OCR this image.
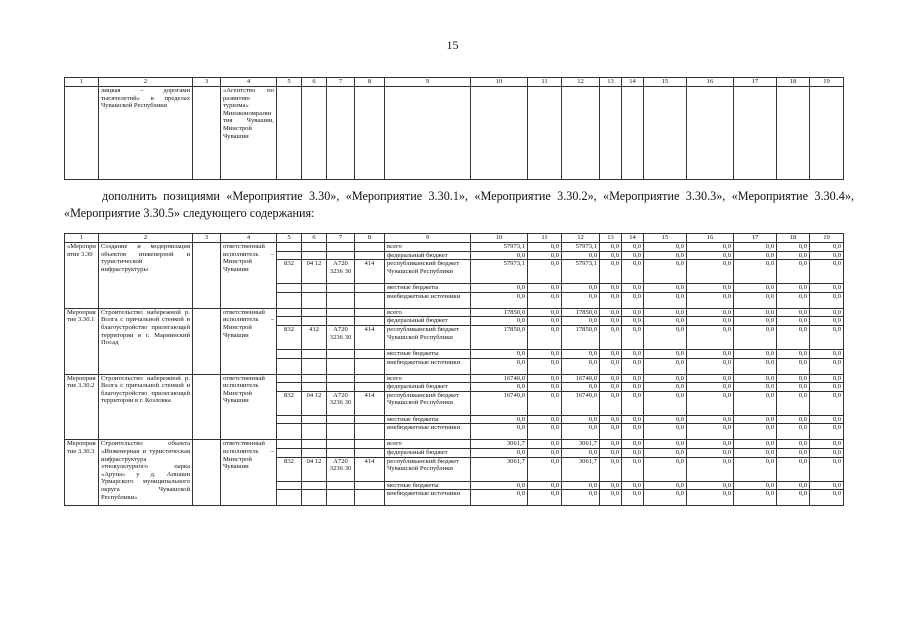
15
1	2	3	4	5	6	7	8	9	10	11	12	13	14	15	16	17	18	19
	лицкая – дорогами тысячелетий» в пределах Чувашской Республики		«Агентство по развитию туризма» Минэкономразвития Чувашии, Минстрой Чувашии															
дополнить позициями «Мероприятие 3.30», «Мероприятие 3.30.1», «Мероприятие 3.30.2», «Мероприятие 3.30.3», «Мероприятие 3.30.4», «Мероприятие 3.30.5» следующего содержания:
1	2	3	4	5	6	7	8	9	10	11	12	13	14	15	16	17	18	19
«Мероприятие 3.30	Создание и модернизация объектов инженерной и туристической инфраструктуры		ответственный исполнитель – Минстрой Чувашии					всего	57973,1	0,0	57973,1	0,0	0,0	0,0	0,0	0,0	0,0	0,0
								федеральный бюджет	0,0	0,0	0,0	0,0	0,0	0,0	0,0	0,0	0,0	0,0
				832	04 12	А720 3236 30	414	республиканский бюджет Чувашской Республики	57973,1	0,0	57973,1	0,0	0,0	0,0	0,0	0,0	0,0	0,0
								местные бюджеты	0,0	0,0	0,0	0,0	0,0	0,0	0,0	0,0	0,0	0,0
								внебюджетные источники	0,0	0,0	0,0	0,0	0,0	0,0	0,0	0,0	0,0	0,0
Мероприятие 3.30.1	Строительство набережной р. Волга с причальной стенкой и благоустройство прилегающей территории в г. Мариинский Посад		ответственный исполнитель – Минстрой Чувашии					всего	17850,0	0,0	17850,0	0,0	0,0	0,0	0,0	0,0	0,0	0,0
								федеральный бюджет	0,0	0,0	0,0	0,0	0,0	0,0	0,0	0,0	0,0	0,0
				832	412	А720 3236 30	414	республиканский бюджет Чувашской Республики	17850,0	0,0	17850,0	0,0	0,0	0,0	0,0	0,0	0,0	0,0
								местные бюджеты	0,0	0,0	0,0	0,0	0,0	0,0	0,0	0,0	0,0	0,0
								внебюджетные источники	0,0	0,0	0,0	0,0	0,0	0,0	0,0	0,0	0,0	0,0
Мероприятие 3.30.2	Строительство набережной р. Волга с причальной стенкой и благоустройство прилегающей территории в г. Козловка		ответственный исполнитель Минстрой Чувашии					всего	16740,0	0,0	16740,0	0,0	0,0	0,0	0,0	0,0	0,0	0,0
								федеральный бюджет	0,0	0,0	0,0	0,0	0,0	0,0	0,0	0,0	0,0	0,0
				832	04 12	А720 3236 30	414	республиканский бюджет Чувашской Республики	16740,0	0,0	16740,0	0,0	0,0	0,0	0,0	0,0	0,0	0,0
								местные бюджеты	0,0	0,0	0,0	0,0	0,0	0,0	0,0	0,0	0,0	0,0
								внебюджетные источники	0,0	0,0	0,0	0,0	0,0	0,0	0,0	0,0	0,0	0,0
Мероприятие 3.30.3	Строительство объекта «Инженерная и туристическая инфраструктура этнокультурного парка «Аруна» у д. Апнаши Урмарского муниципального округа Чувашской Республики»		ответственный исполнитель – Минстрой Чувашии					всего	3061,7	0,0	3061,7	0,0	0,0	0,0	0,0	0,0	0,0	0,0
								федеральный бюджет	0,0	0,0	0,0	0,0	0,0	0,0	0,0	0,0	0,0	0,0
				832	04 12	А720 3236 30	414	республиканский бюджет Чувашской Республики	3061,7	0,0	3061,7	0,0	0,0	0,0	0,0	0,0	0,0	0,0
								местные бюджеты	0,0	0,0	0,0	0,0	0,0	0,0	0,0	0,0	0,0	0,0
								внебюджетные источники	0,0	0,0	0,0	0,0	0,0	0,0	0,0	0,0	0,0	0,0
